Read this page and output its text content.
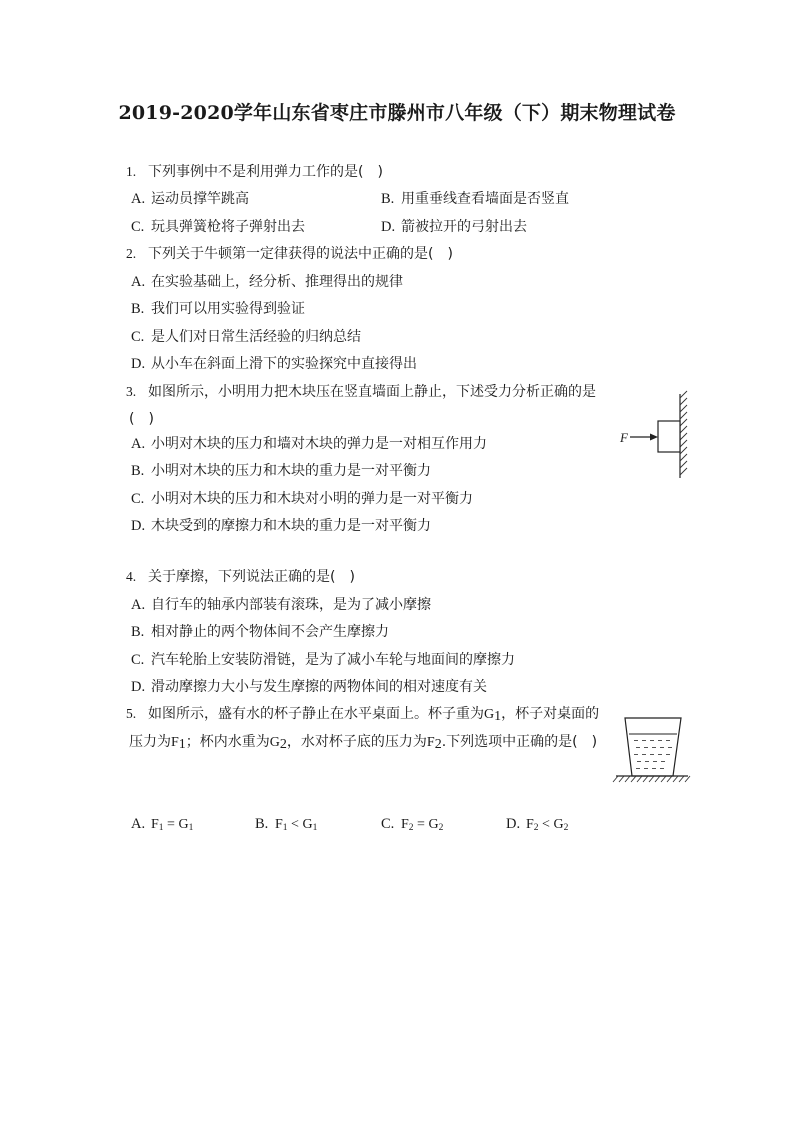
2019-2020学年山东省枣庄市滕州市八年级（下）期末物理试卷
1. 下列事例中不是利用弹力工作的是(　)
A. 运动员撑竿跳高	B. 用重垂线查看墙面是否竖直
C. 玩具弹簧枪将子弹射出去	D. 箭被拉开的弓射出去
2. 下列关于牛顿第一定律获得的说法中正确的是(　)
A. 在实验基础上，经分析、推理得出的规律
B. 我们可以用实验得到验证
C. 是人们对日常生活经验的归纳总结
D. 从小车在斜面上滑下的实验探究中直接得出
3. 如图所示，小明用力把木块压在竖直墙面上静止，下述受力分析正确的是
(　)
A. 小明对木块的压力和墙对木块的弹力是一对相互作用力
B. 小明对木块的压力和木块的重力是一对平衡力
C. 小明对木块的压力和木块对小明的弹力是一对平衡力
D. 木块受到的摩擦力和木块的重力是一对平衡力
F
4. 关于摩擦，下列说法正确的是(　)
A. 自行车的轴承内部装有滚珠，是为了减小摩擦
B. 相对静止的两个物体间不会产生摩擦力
C. 汽车轮胎上安装防滑链，是为了减小车轮与地面间的摩擦力
D. 滑动摩擦力大小与发生摩擦的两物体间的相对速度有关
5. 如图所示，盛有水的杯子静止在水平桌面上。杯子重为$G_1$，杯子对桌面的
压力为$F_1$；杯内水重为$G_2$，水对杯子底的压力为$F_2$.下列选项中正确的是(　)
A. $F_1 = G_1$	B. $F_1 < G_1$	C. $F_2 = G_2$	D. $F_2 < G_2$
